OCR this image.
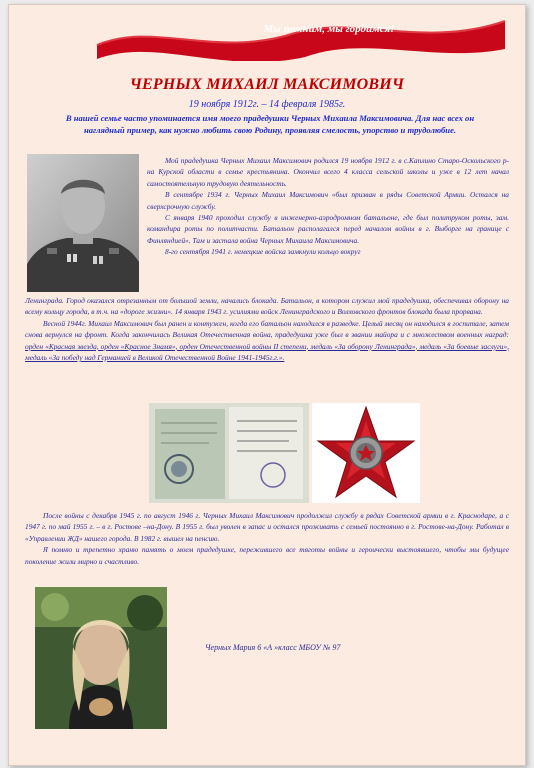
Мы помним, мы гордимся!
ЧЕРНЫХ МИХАИЛ МАКСИМОВИЧ
19 ноября 1912г. – 14 февраля 1985г.
В нашей семье часто упоминается имя моего прадедушки Черных Михаила Максимовича. Для нас всех он наглядный пример, как нужно любить свою Родину, проявляя смелость, упорство и трудолюбие.

Мой прадедушка Черных Михаил Максимович родился 19 ноября 1912 г. в с.Каплино Старо-Оскольского р-на Курской области в семье крестьянина. Окончил всего 4 класса сельской школы и уже в 12 лет начал самостоятельную трудовую деятельность.

В сентябре 1934 г. Черных Михаил Максимович «был призван в ряды Советской Армии. Остался на сверхсрочную службу.

С января 1940 проходил службу в инженерно-аэродромном батальоне, где был политруком роты, зам. командира роты по политчасти. Батальон располагался перед началом войны в г. Выборге на границе с Финляндией». Там и застала война Черных Михаила Максимовича.

8-го сентября 1941 г. немецкие войска замкнули кольцо вокруг

Ленинграда. Город оказался отрезанным от большой земли, начались блокада. Батальон, в котором служил мой прадедушка, обеспечивал оборону на всему кольцу города, в т.ч. на «дороге жизни». 14 января 1943 г. усилиями войск Ленинградского и Волховского фронтов блокада была прорвана.

Весной 1944г. Михаил Максимович был ранен и контужен, когда его батальон находился в разведке. Целый месяц он находился в госпитале, затем снова вернулся на фронт. Когда закончилась Великая Отечественная война, прадедушка уже был в звании майора и с множеством военных наград: орден «Красная звезда, орден «Красное Знамя», орден Отечественной войны II степени, медаль «За оборону Ленинграда», медаль «За боевые заслуги», медаль «За победу над Германией в Великой Отечественной Войне 1941-1945г.г.».

После войны с декабря 1945 г. по август 1946 г. Черных Михаил Максимович продолжил службу в рядах Советской армии в г. Краснодаре, а с 1947 г. по май 1955 г. – в г. Ростове –на-Дону. В 1955 г. был уволен в запас и остался проживать с семьей постоянно в г. Ростове-на-Дону. Работал в «Управлении ЖД» нашего города. В 1982 г. вышел на пенсию.

Я помню и трепетно храню память о моем прадедушке, пережившего все тяготы войны и героически выстоявшего, чтобы мы будущее поколение жили мирно и счастливо.

Черных Мария 6 «А »класс МБОУ № 97
